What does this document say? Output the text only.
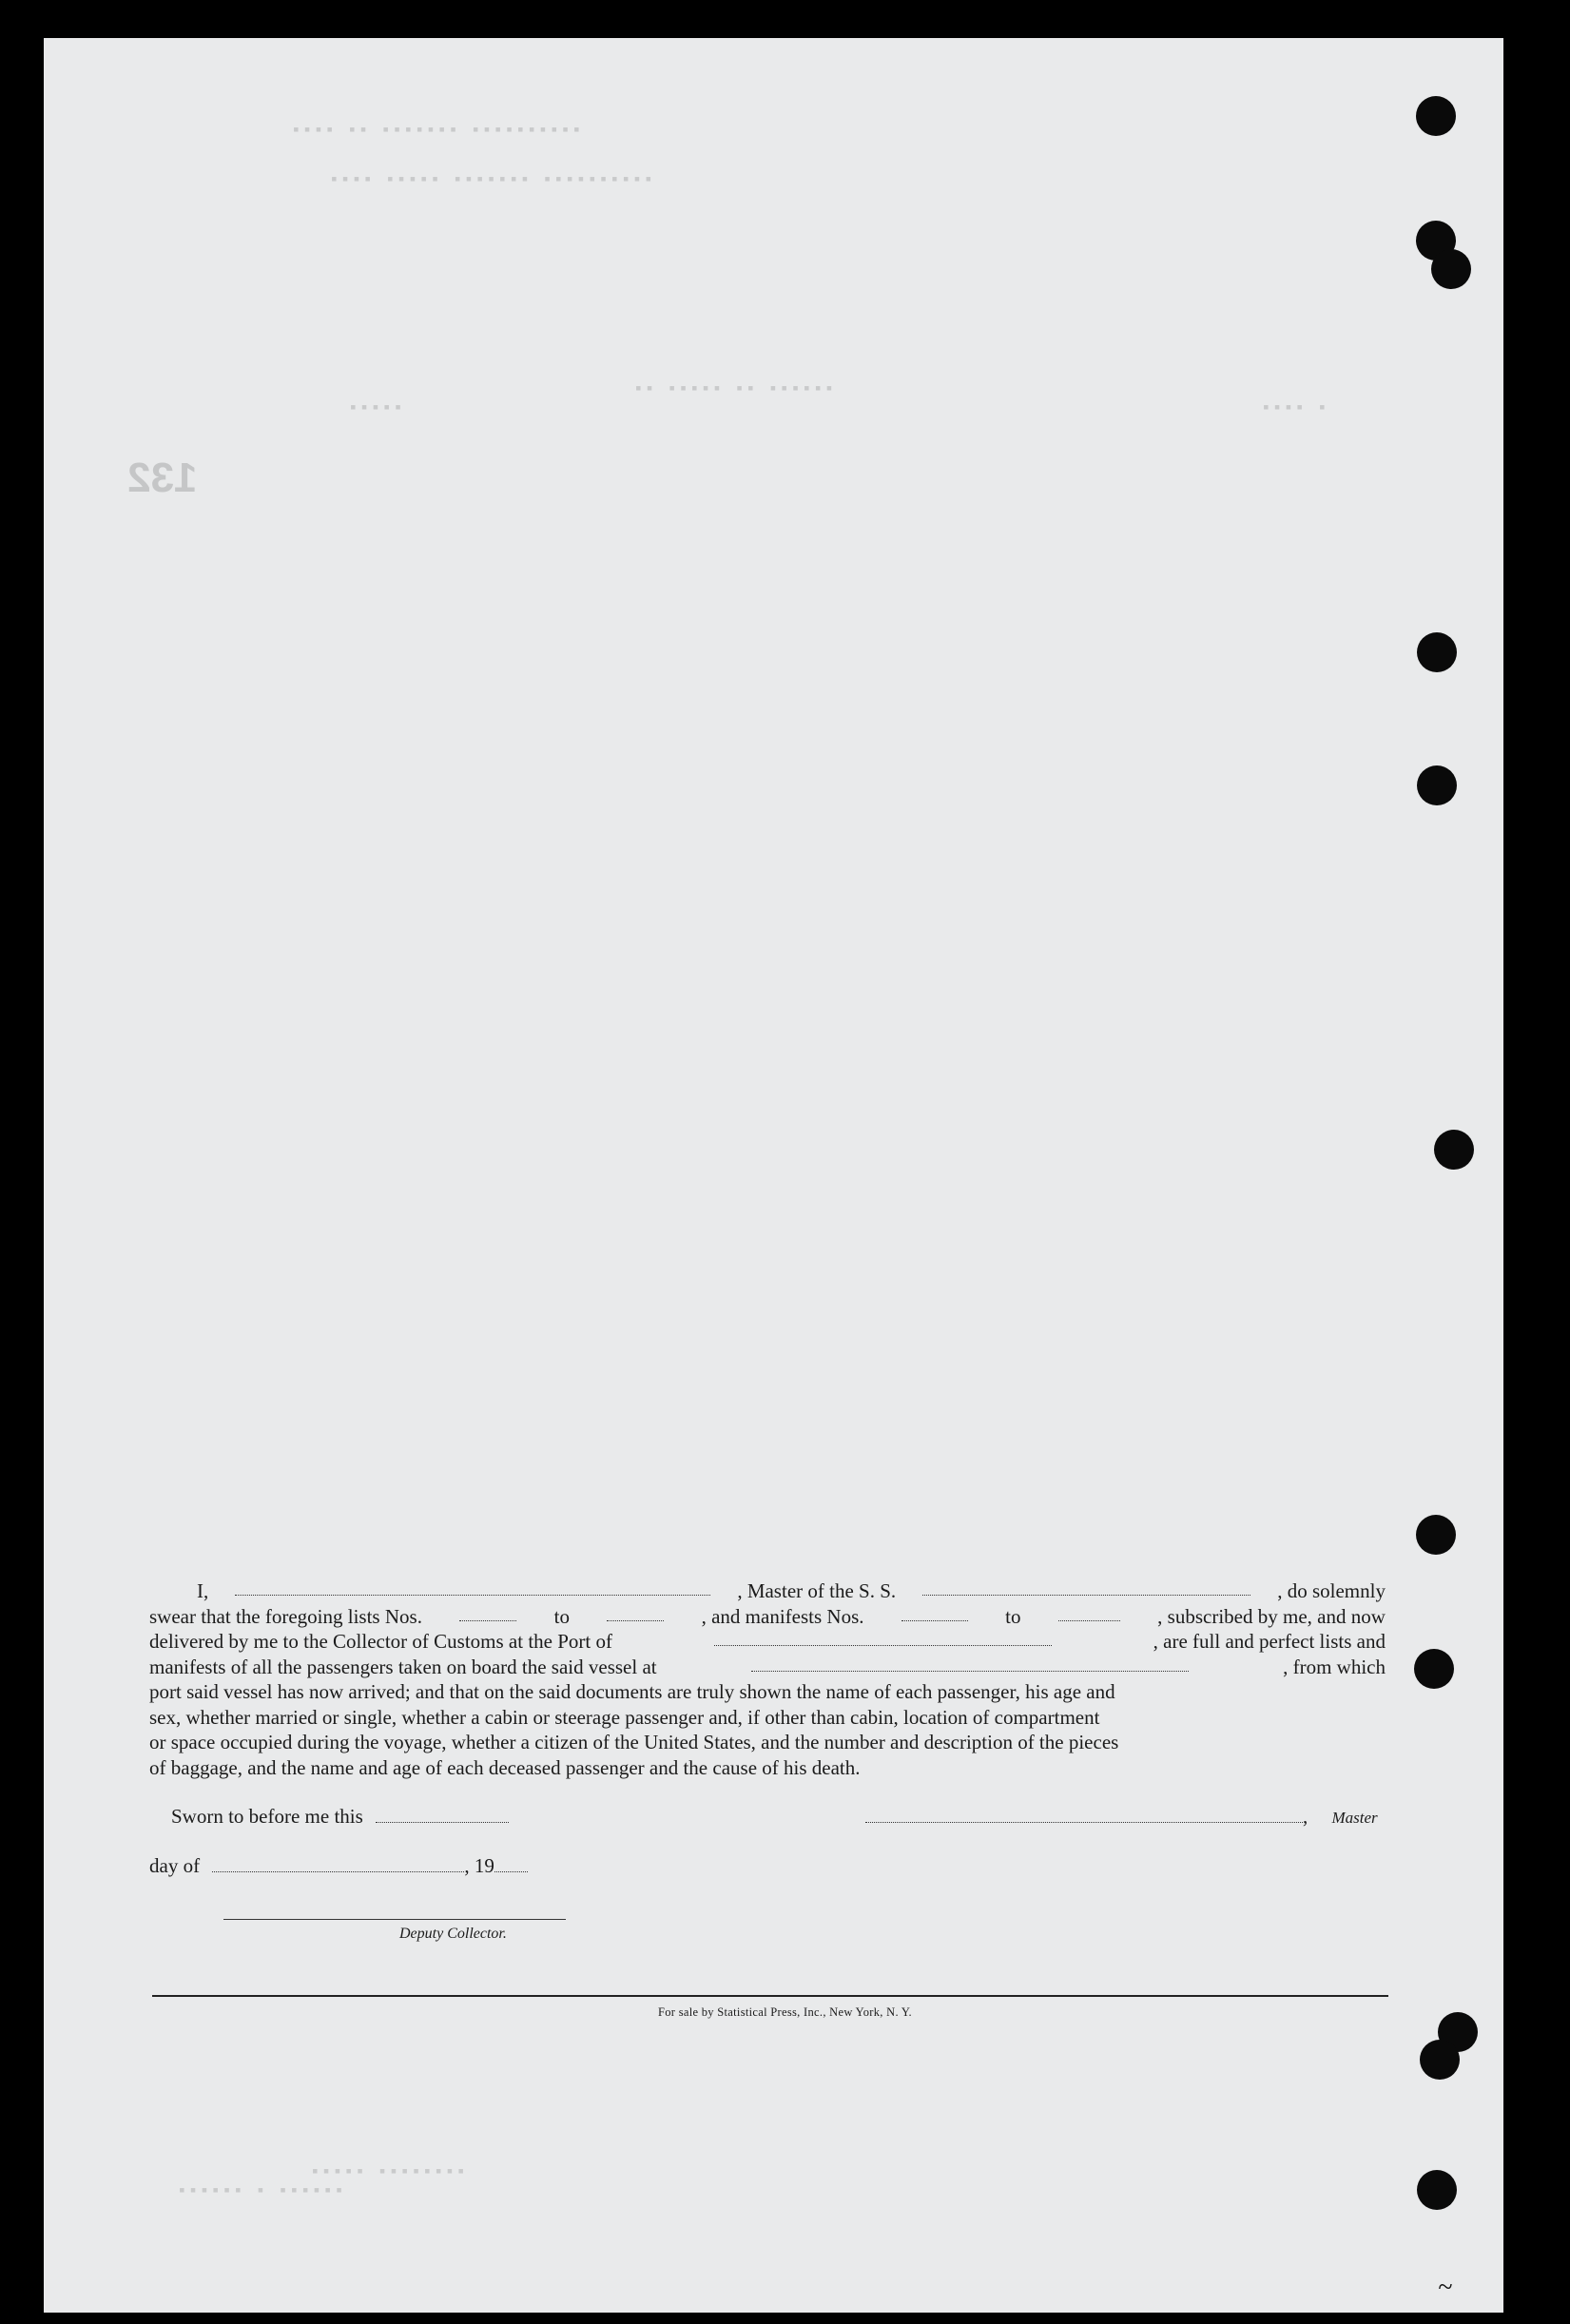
132
▪▪▪▪ ▪▪ ▪▪▪▪▪▪▪ ▪▪▪▪▪▪▪▪▪▪
▪▪▪▪ ▪▪▪▪▪ ▪▪▪▪▪▪▪ ▪▪▪▪▪▪▪▪▪▪
▪▪ ▪▪▪▪▪ ▪▪ ▪▪▪▪▪▪
▪▪▪▪▪	▪▪▪▪ ▪
▪▪▪▪▪ ▪▪▪▪▪▪▪▪
▪▪▪▪▪▪ ▪ ▪▪▪▪▪▪
I,	, Master of the S. S.	, do solemnly
swear that the foregoing lists Nos.	to	, and manifests Nos.	to	, subscribed by me, and now
delivered by me to the Collector of Customs at the Port of	, are full and perfect lists and
manifests of all the passengers taken on board the said vessel at	, from which
port said vessel has now arrived; and that on the said documents are truly shown the name of each passenger, his age and
sex, whether married or single, whether a cabin or steerage passenger and, if other than cabin, location of compartment
or space occupied during the voyage, whether a citizen of the United States, and the number and description of the pieces
of baggage, and the name and age of each deceased passenger and the cause of his death.
Sworn to before me this	, Master
day of	, 19
Deputy Collector.
For sale by Statistical Press, Inc., New York, N. Y.
~
